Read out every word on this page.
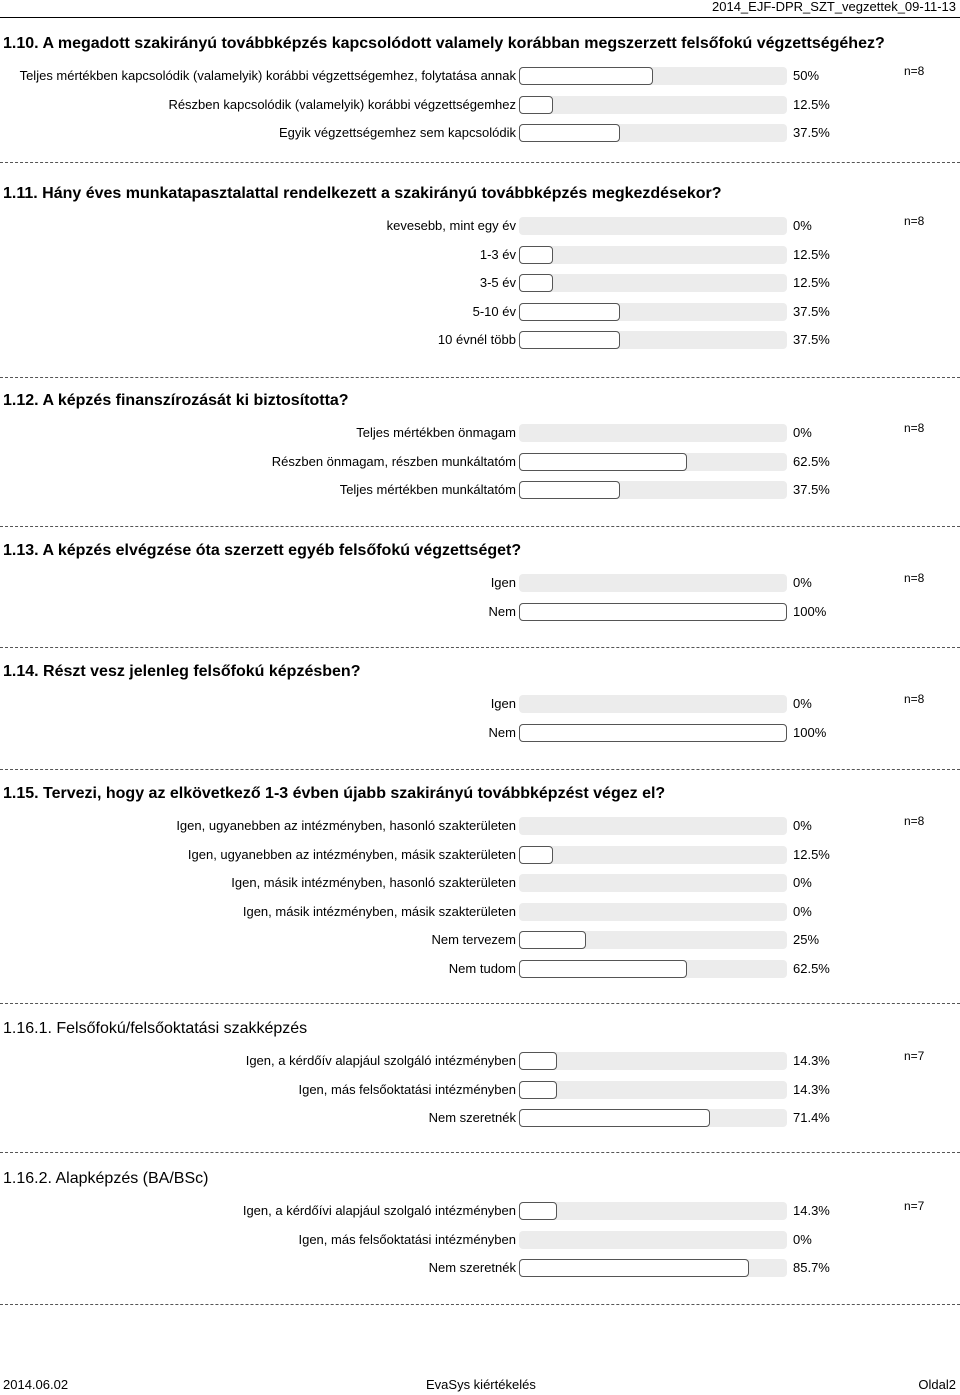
2014_EJF-DPR_SZT_vegzettek_09-11-13
1.10. A megadott szakirányú továbbképzés kapcsolódott valamely korábban megszerzett felsőfokú végzettségéhez?
n=8
Teljes mértékben kapcsolódik (valamelyik) korábbi végzettségemhez, folytatása annak	50%
Részben kapcsolódik (valamelyik) korábbi végzettségemhez	12.5%
Egyik végzettségemhez sem kapcsolódik	37.5%
1.11. Hány éves munkatapasztalattal rendelkezett a szakirányú továbbképzés megkezdésekor?
n=8
kevesebb, mint egy év	0%
1-3 év	12.5%
3-5 év	12.5%
5-10 év	37.5%
10 évnél több	37.5%
1.12. A képzés finanszírozását ki biztosította?
n=8
Teljes mértékben önmagam	0%
Részben önmagam, részben munkáltatóm	62.5%
Teljes mértékben munkáltatóm	37.5%
1.13. A képzés elvégzése óta szerzett egyéb felsőfokú végzettséget?
n=8
Igen	0%
Nem	100%
1.14. Részt vesz jelenleg felsőfokú képzésben?
n=8
Igen	0%
Nem	100%
1.15. Tervezi, hogy az elkövetkező 1-3 évben újabb szakirányú továbbképzést végez el?
n=8
Igen, ugyanebben az intézményben, hasonló szakterületen	0%
Igen, ugyanebben az intézményben, másik szakterületen	12.5%
Igen, másik intézményben, hasonló szakterületen	0%
Igen, másik intézményben, másik szakterületen	0%
Nem tervezem	25%
Nem tudom	62.5%
1.16.1. Felsőfokú/felsőoktatási szakképzés
n=7
Igen, a kérdőív alapjául szolgáló intézményben	14.3%
Igen, más felsőoktatási intézményben	14.3%
Nem szeretnék	71.4%
1.16.2. Alapképzés (BA/BSc)
n=7
Igen, a kérdőívi alapjául szolgaló intézményben	14.3%
Igen, más felsőoktatási intézményben	0%
Nem szeretnék	85.7%
2014.06.02	EvaSys kiértékelés	Oldal2
